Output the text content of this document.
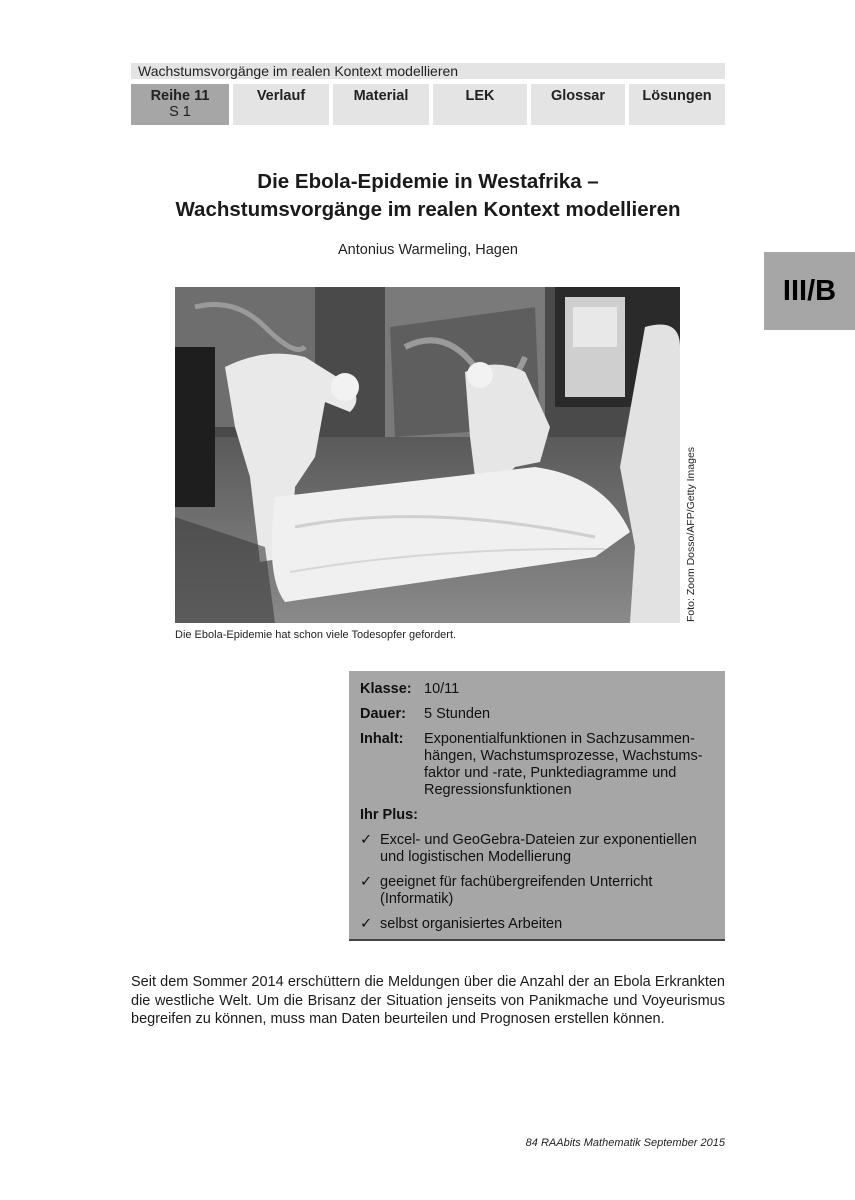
Wachstumsvorgänge im realen Kontext modellieren
Reihe 11
S 1
Verlauf	Material	LEK	Glossar	Lösungen
III/B
Die Ebola-Epidemie in Westafrika –
Wachstumsvorgänge im realen Kontext modellieren
Antonius Warmeling, Hagen
Foto: Zoom Dosso/AFP/Getty Images
Die Ebola-Epidemie hat schon viele Todesopfer gefordert.
Klasse: 10/11
Dauer:	5 Stunden
Inhalt:	Exponentialfunktionen in Sachzusammen-hängen, Wachstumsprozesse, Wachstums-faktor und -rate, Punktediagramme und Regressionsfunktionen
Ihr Plus:
✓ Excel- und GeoGebra-Dateien zur exponentiellen und logistischen Modellierung
✓ geeignet für fachübergreifenden Unterricht (Informatik)
✓ selbst organisiertes Arbeiten
Seit dem Sommer 2014 erschüttern die Meldungen über die Anzahl der an Ebola Erkrankten die westliche Welt. Um die Brisanz der Situation jenseits von Panikmache und Voyeurismus begreifen zu können, muss man Daten beurteilen und Prognosen erstellen können.
84 RAAbits Mathematik September 2015
